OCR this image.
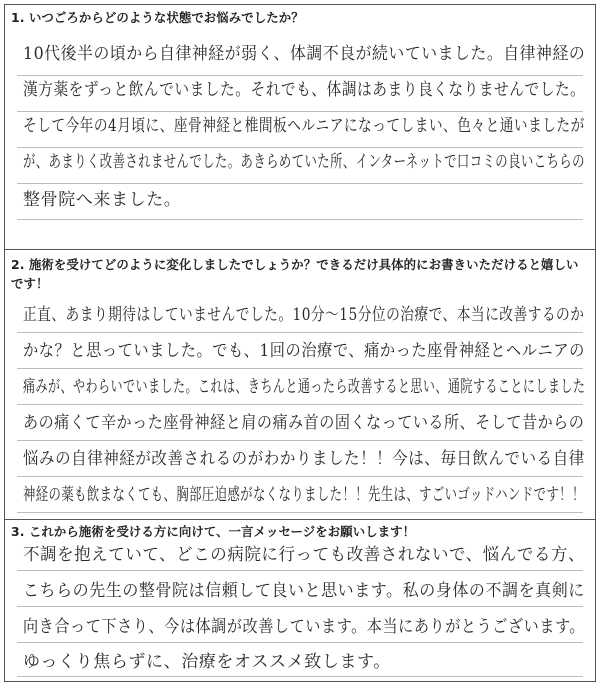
1. いつごろからどのような状態でお悩みでしたか？
10代後半の頃から自律神経が弱く、体調不良が続いていました。自律神経の
漢方薬をずっと飲んでいました。それでも、体調はあまり良くなりませんでした。
そして今年の4月頃に、座骨神経と椎間板ヘルニアになってしまい、色々と通いましたが
が、あまりく改善されませんでした。あきらめていた所、インターネットで口コミの良いこちらの
整骨院へ来ました。
2. 施術を受けてどのように変化しましたでしょうか？できるだけ具体的にお書きいただけると嬉しいです！
正直、あまり期待はしていませんでした。10分～15分位の治療で、本当に改善するのか
かな？と思っていました。でも、1回の治療で、痛かった座骨神経とヘルニアの
痛みが、やわらいでいました。これは、きちんと通ったら改善すると思い、通院することにしました
あの痛くて辛かった座骨神経と肩の痛み首の固くなっている所、そして昔からの
悩みの自律神経が改善されるのがわかりました！！今は、毎日飲んでいる自律
神経の薬も飲まなくても、胸部圧迫感がなくなりました！！先生は、すごいゴッドハンドです！！
3. これから施術を受ける方に向けて、一言メッセージをお願いします！
不調を抱えていて、どこの病院に行っても改善されないで、悩んでる方、
こちらの先生の整骨院は信頼して良いと思います。私の身体の不調を真剣に
向き合って下さり、今は体調が改善しています。本当にありがとうございます。
ゆっくり焦らずに、治療をオススメ致します。
